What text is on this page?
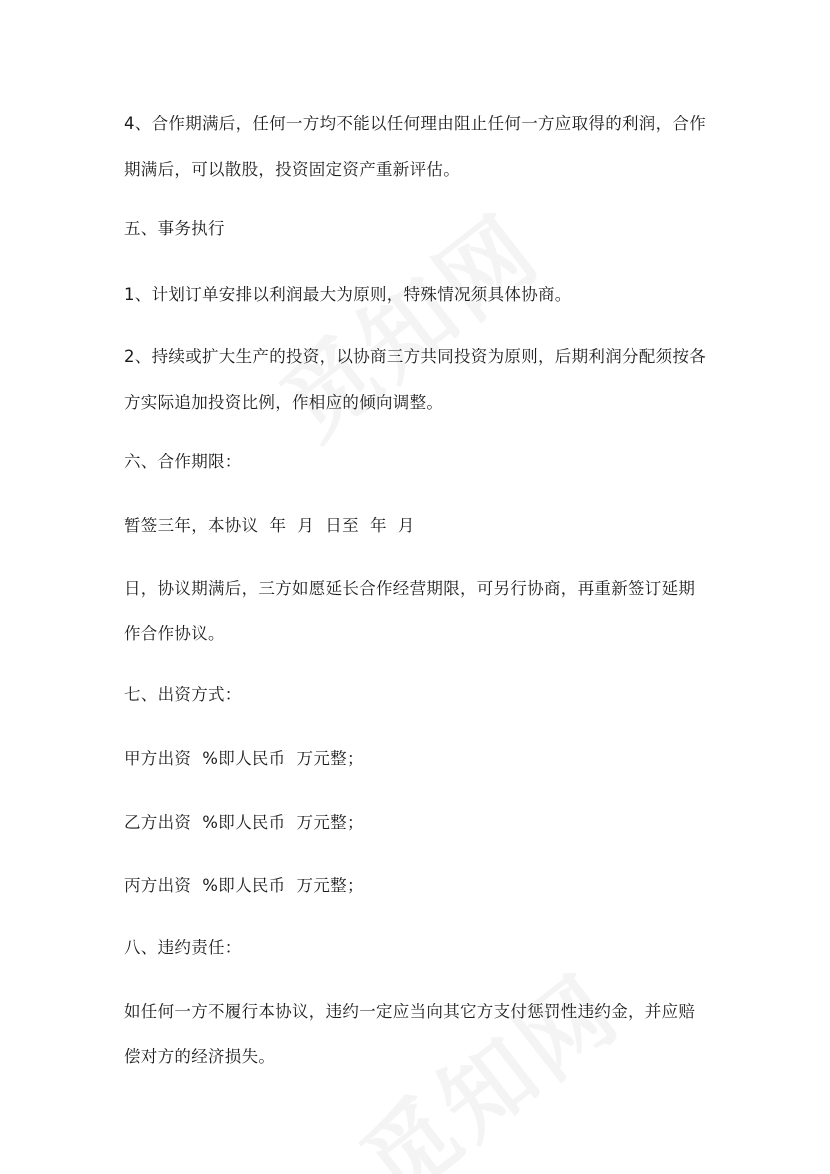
4、合作期满后，任何一方均不能以任何理由阻止任何一方应取得的利润，合作
期满后，可以散股，投资固定资产重新评估。
五、事务执行
1、计划订单安排以利润最大为原则，特殊情况须具体协商。
2、持续或扩大生产的投资，以协商三方共同投资为原则，后期利润分配须按各
方实际追加投资比例，作相应的倾向调整。
六、合作期限：
暂签三年，本协议  年  月  日至  年  月
日，协议期满后，三方如愿延长合作经营期限，可另行协商，再重新签订延期
作合作协议。
七、出资方式：
甲方出资  %即人民币  万元整；
乙方出资  %即人民币  万元整；
丙方出资  %即人民币  万元整；
八、违约责任：
如任何一方不履行本协议，违约一定应当向其它方支付惩罚性违约金，并应赔
偿对方的经济损失。
